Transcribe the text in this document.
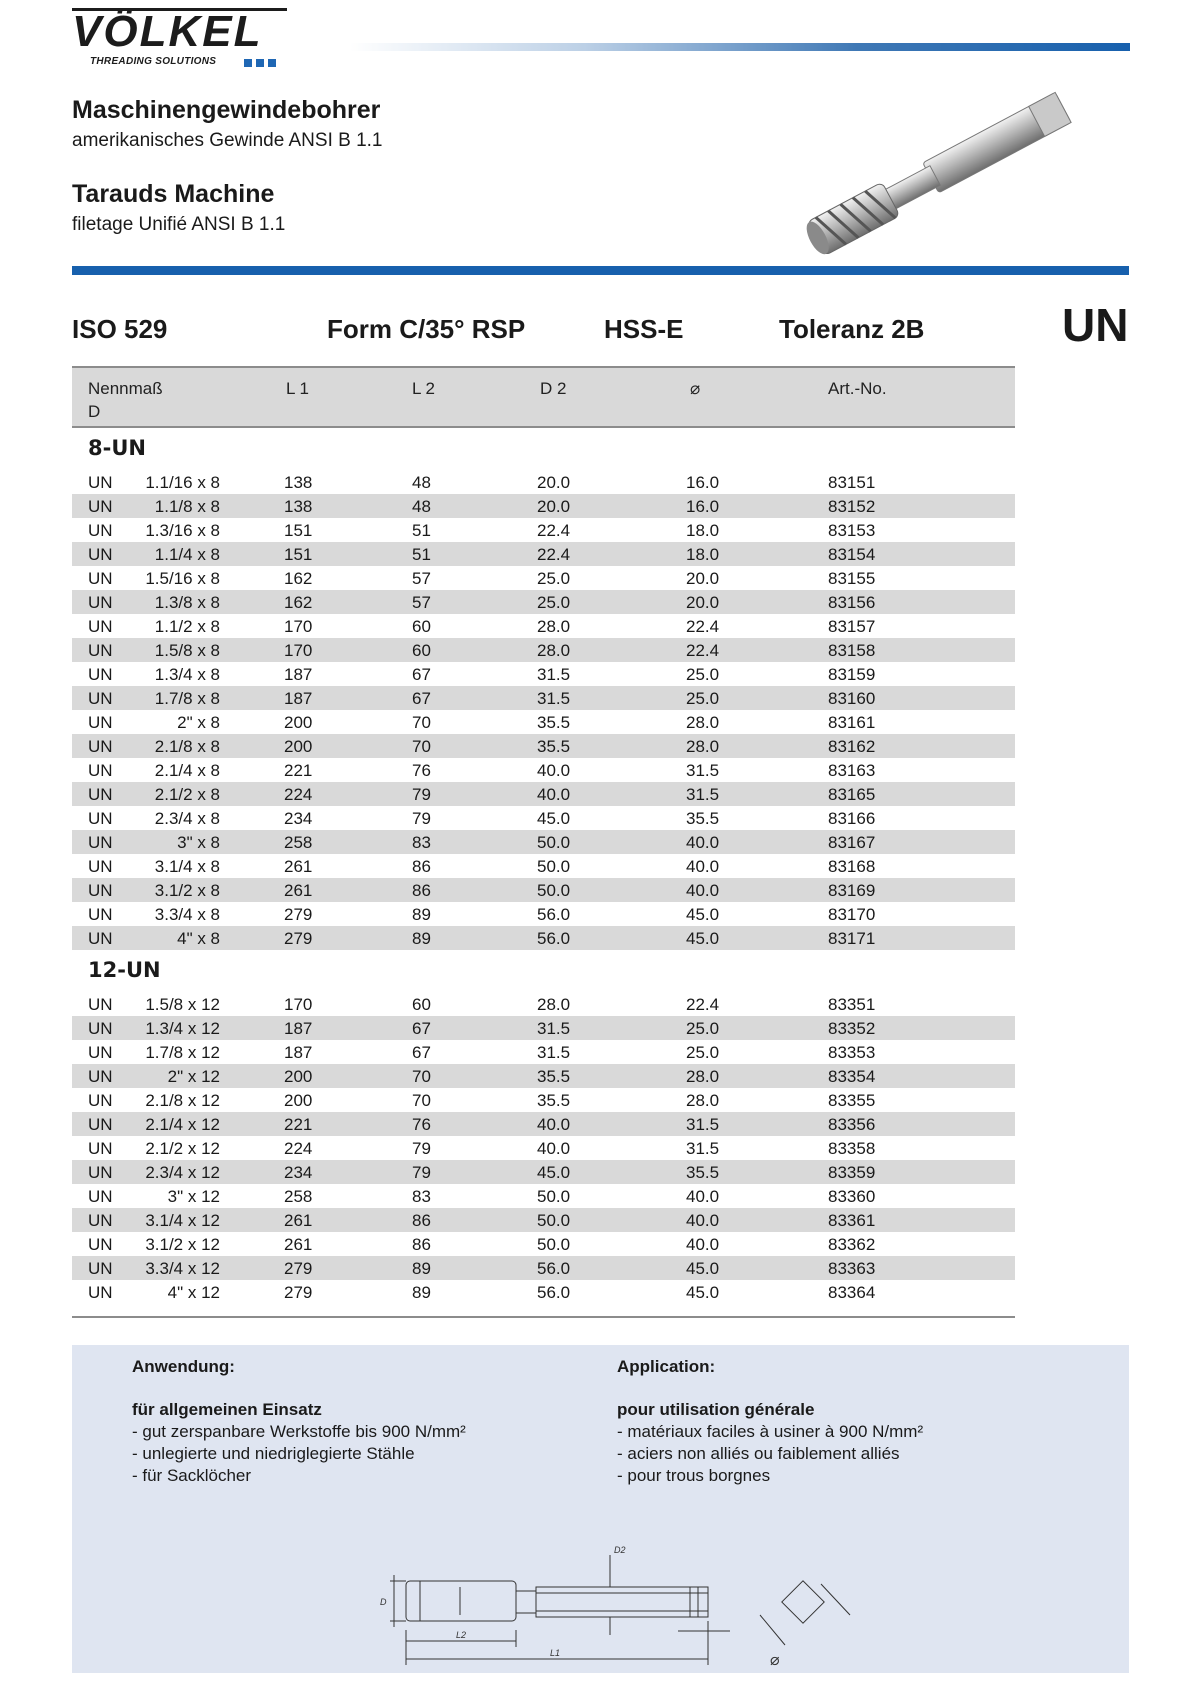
VÖLKEL
THREADING SOLUTIONS
Maschinengewindebohrer
amerikanisches Gewinde ANSI B 1.1
Tarauds Machine
filetage Unifié ANSI B 1.1
ISO 529	Form C/35° RSP	HSS-E	Toleranz 2B	UN
Nennmaß
D
L 1	L 2	D 2	⌀	Art.-No.
8-UN
UN 1.1/16 x 8	138	48	20.0	16.0	83151
UN 1.1/8 x 8	138	48	20.0	16.0	83152
UN 1.3/16 x 8	151	51	22.4	18.0	83153
UN 1.1/4 x 8	151	51	22.4	18.0	83154
UN 1.5/16 x 8	162	57	25.0	20.0	83155
UN 1.3/8 x 8	162	57	25.0	20.0	83156
UN 1.1/2 x 8	170	60	28.0	22.4	83157
UN 1.5/8 x 8	170	60	28.0	22.4	83158
UN 1.3/4 x 8	187	67	31.5	25.0	83159
UN 1.7/8 x 8	187	67	31.5	25.0	83160
UN	2" x 8	200	70	35.5	28.0	83161
UN 2.1/8 x 8	200	70	35.5	28.0	83162
UN 2.1/4 x 8	221	76	40.0	31.5	83163
UN 2.1/2 x 8	224	79	40.0	31.5	83165
UN 2.3/4 x 8	234	79	45.0	35.5	83166
UN	3" x 8	258	83	50.0	40.0	83167
UN 3.1/4 x 8	261	86	50.0	40.0	83168
UN 3.1/2 x 8	261	86	50.0	40.0	83169
UN 3.3/4 x 8	279	89	56.0	45.0	83170
UN	4" x 8	279	89	56.0	45.0	83171
12-UN
UN 1.5/8 x 12	170	60	28.0	22.4	83351
UN 1.3/4 x 12	187	67	31.5	25.0	83352
UN 1.7/8 x 12	187	67	31.5	25.0	83353
UN	2" x 12	200	70	35.5	28.0	83354
UN 2.1/8 x 12	200	70	35.5	28.0	83355
UN 2.1/4 x 12	221	76	40.0	31.5	83356
UN 2.1/2 x 12	224	79	40.0	31.5	83358
UN 2.3/4 x 12	234	79	45.0	35.5	83359
UN	3" x 12	258	83	50.0	40.0	83360
UN 3.1/4 x 12	261	86	50.0	40.0	83361
UN 3.1/2 x 12	261	86	50.0	40.0	83362
UN 3.3/4 x 12	279	89	56.0	45.0	83363
UN	4" x 12	279	89	56.0	45.0	83364
Anwendung:	Application:
für allgemeinen Einsatz	pour utilisation générale
- gut zerspanbare Werkstoffe bis 900 N/mm²
- unlegierte und niedriglegierte Stähle
- für Sacklöcher
- matériaux faciles à usiner à 900 N/mm²
- aciers non alliés ou faiblement alliés
- pour trous borgnes
D
D2
L2
L1	⌀
